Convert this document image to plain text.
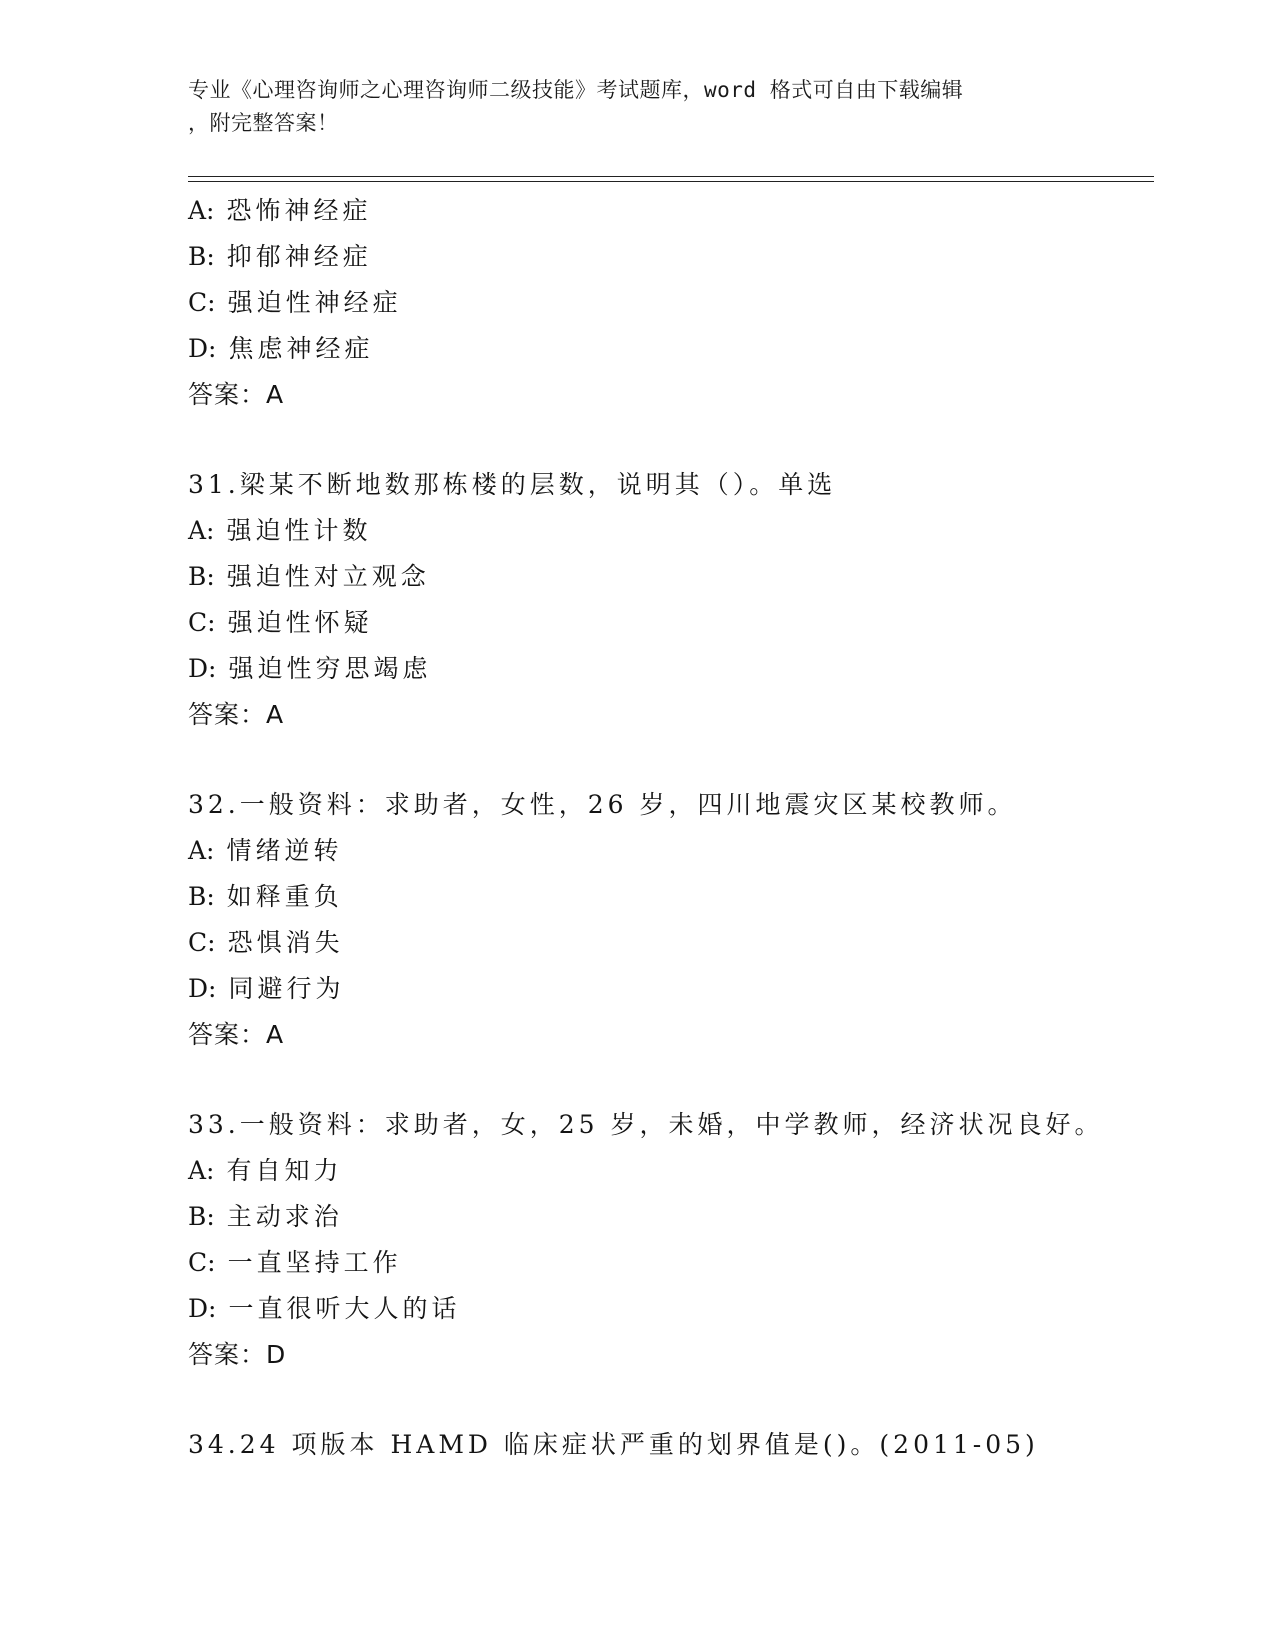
专业《心理咨询师之心理咨询师二级技能》考试题库，word 格式可自由下载编辑
，附完整答案！
A: 恐怖神经症
B: 抑郁神经症
C: 强迫性神经症
D: 焦虑神经症
答案：A
31.梁某不断地数那栋楼的层数，说明其（）。单选
A: 强迫性计数
B: 强迫性对立观念
C: 强迫性怀疑
D: 强迫性穷思竭虑
答案：A
32.一般资料：求助者，女性，26 岁，四川地震灾区某校教师。
A: 情绪逆转
B: 如释重负
C: 恐惧消失
D: 同避行为
答案：A
33.一般资料：求助者，女，25 岁，未婚，中学教师，经济状况良好。
A: 有自知力
B: 主动求治
C: 一直坚持工作
D: 一直很听大人的话
答案：D
34.24 项版本 HAMD 临床症状严重的划界值是()。(2011-05)
